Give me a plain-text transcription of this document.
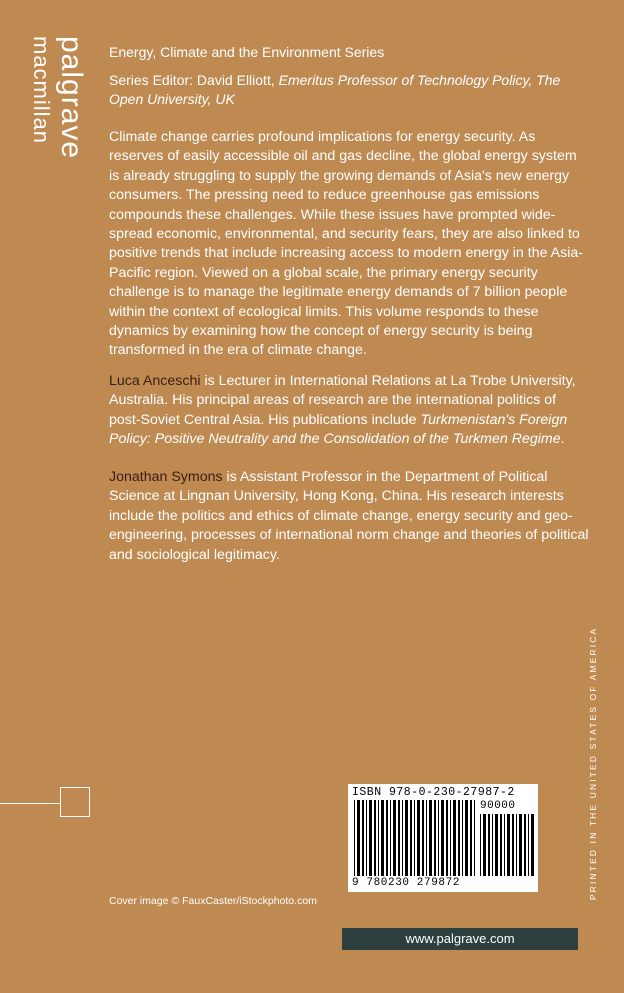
palgrave
macmillan	Energy, Climate and the Environment Series
Series Editor: David Elliott, Emeritus Professor of Technology Policy, The Open University, UK

Climate change carries profound implications for energy security. As reserves of easily accessible oil and gas decline, the global energy system is already struggling to supply the growing demands of Asia's new energy consumers. The pressing need to reduce greenhouse gas emissions compounds these challenges. While these issues have prompted widespread economic, environmental, and security fears, they are also linked to positive trends that include increasing access to modern energy in the Asia-Pacific region. Viewed on a global scale, the primary energy security challenge is to manage the legitimate energy demands of 7 billion people within the context of ecological limits. This volume responds to these dynamics by examining how the concept of energy security is being transformed in the era of climate change.

Luca Anceschi is Lecturer in International Relations at La Trobe University, Australia. His principal areas of research are the international politics of post-Soviet Central Asia. His publications include Turkmenistan's Foreign Policy: Positive Neutrality and the Consolidation of the Turkmen Regime.

Jonathan Symons is Assistant Professor in the Department of Political Science at Lingnan University, Hong Kong, China. His research interests include the politics and ethics of climate change, energy security and geo-engineering, processes of international norm change and theories of political and sociological legitimacy.

ISBN 978-0-230-27987-2
90000
9 780230 279872
Cover image © FauxCaster/iStockphoto.com
PRINTED IN THE UNITED STATES OF AMERICA
www.palgrave.com
